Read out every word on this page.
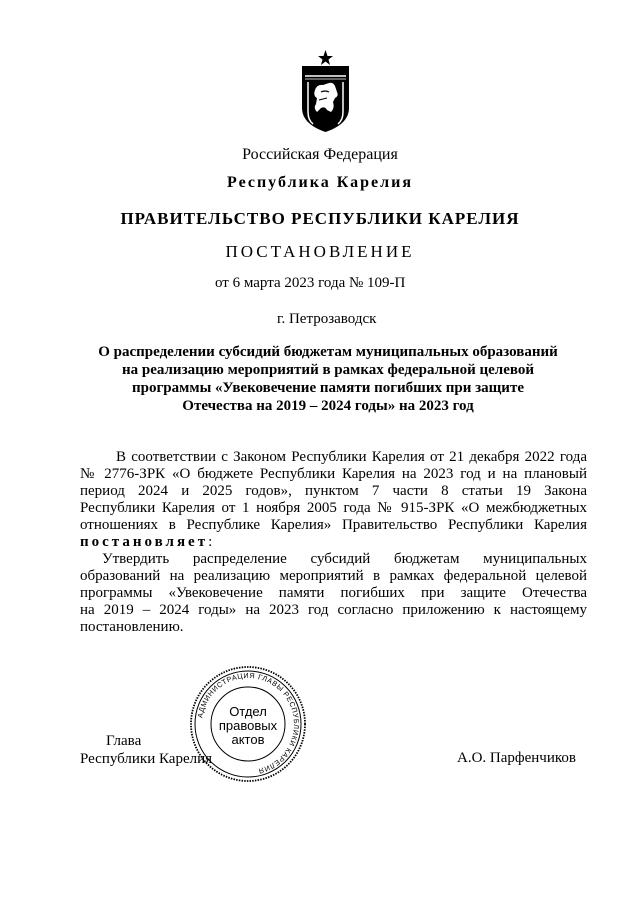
Российская Федерация
Республика Карелия
ПРАВИТЕЛЬСТВО РЕСПУБЛИКИ КАРЕЛИЯ
ПОСТАНОВЛЕНИЕ
от 6 марта 2023 года № 109-П
г. Петрозаводск
О распределении субсидий бюджетам муниципальных образований
на реализацию мероприятий в рамках федеральной целевой
программы «Увековечение памяти погибших при защите
Отечества на 2019 – 2024 годы» на 2023 год
В соответствии с Законом Республики Карелия от 21 декабря 2022 года
№ 2776-ЗРК «О бюджете Республики Карелия на 2023 год и на плановый
период 2024 и 2025 годов», пунктом 7 части 8 статьи 19 Закона
Республики Карелия от 1 ноября 2005 года № 915-ЗРК «О межбюджетных
отношениях в Республике Карелия» Правительство Республики Карелия
постановляет:
Утвердить распределение субсидий бюджетам муниципальных
образований на реализацию мероприятий в рамках федеральной целевой
программы «Увековечение памяти погибших при защите Отечества
на 2019 – 2024 годы» на 2023 год согласно приложению к настоящему
постановлению.
АДМИНИСТРАЦИЯ ГЛАВЫ РЕСПУБЛИКИ КАРЕЛИЯ
Отдел
правовых
актов
Глава
Республики Карелия	А.О. Парфенчиков
